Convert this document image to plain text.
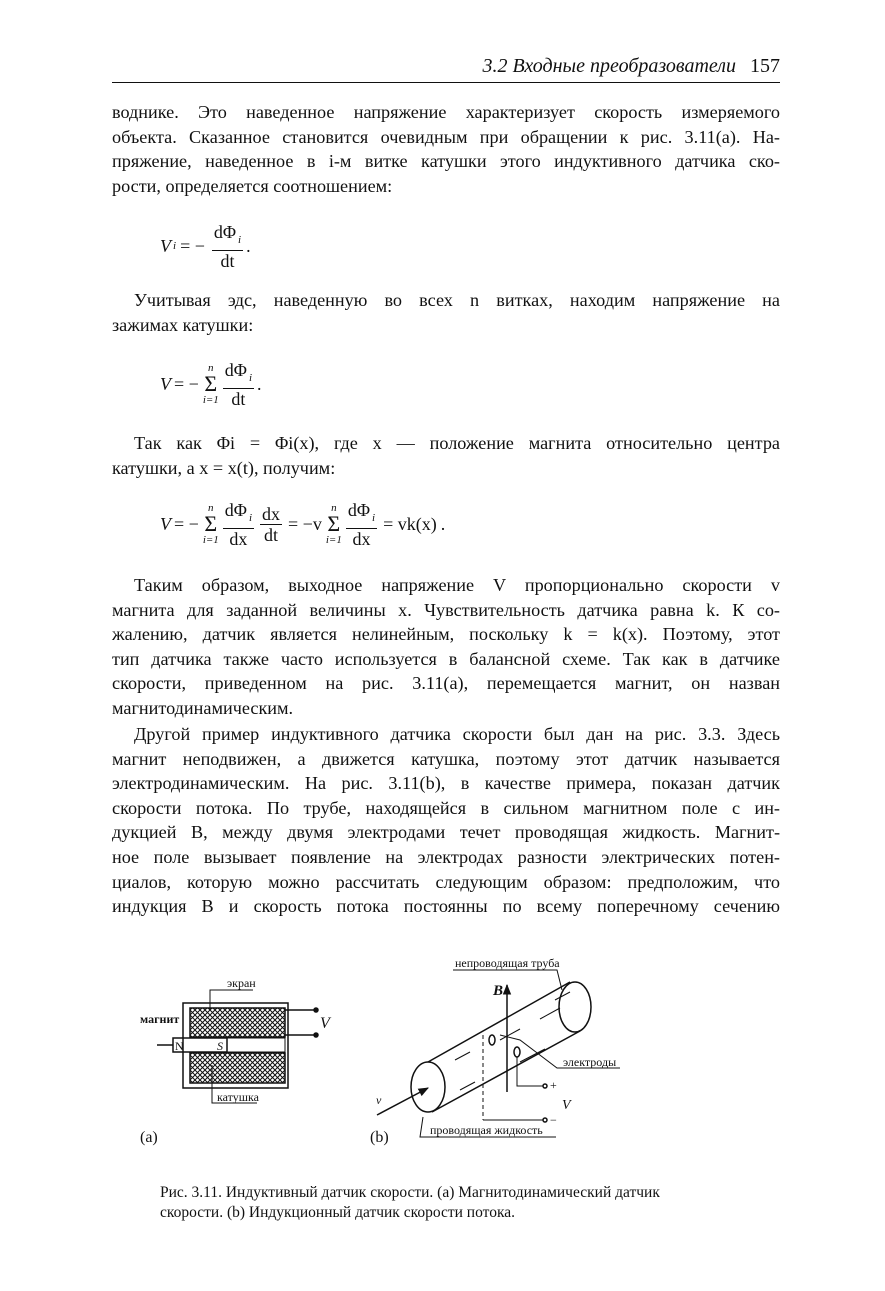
3.2 Входные преобразователи 157
воднике. Это наведенное напряжение характеризует скорость измеряемого
объекта. Сказанное становится очевидным при обращении к рис. 3.11(а). На-
пряжение, наведенное в i-м витке катушки этого индуктивного датчика ско-
рости, определяется соотношением:
V i = − $\frac{d\Phi _i}{dt}$ .
Учитывая эдс, наведенную во всех n витках, находим напряжение на
зажимах катушки:
V = −
n
Σ
$i=1 \frac{d\Phi _i}{dt}$ .
Так как Φi = Φi(x), где x — положение магнита относительно центра
катушки, а x = x(t), получим:
V = −
n
Σ
$i=1 \frac{d\Phi _i}{dx} \frac{dx}{dt} = -v$
n
Σ
$i=1 \frac{d\Phi _i}{dx} = vk(x)$ .
Таким образом, выходное напряжение V пропорционально скорости v
магнита для заданной величины x. Чувствительность датчика равна k. К со-
жалению, датчик является нелинейным, поскольку k = k(x). Поэтому, этот
тип датчика также часто используется в балансной схеме. Так как в датчике
скорости, приведенном на рис. 3.11(а), перемещается магнит, он назван
магнитодинамическим.
Другой пример индуктивного датчика скорости был дан на рис. 3.3. Здесь
магнит неподвижен, а движется катушка, поэтому этот датчик называется
электродинамическим. На рис. 3.11(b), в качестве примера, показан датчик
скорости потока. По трубе, находящейся в сильном магнитном поле с ин-
дукцией B, между двумя электродами течет проводящая жидкость. Магнит-
ное поле вызывает появление на электродах разности электрических потен-
циалов, которую можно рассчитать следующим образом: предположим, что
индукция B и скорость потока постоянны по всему поперечному сечению
экран
магнит
N	S
катушка
V
(a)
непроводящая труба
B
электроды
+
−
V
v
проводящая жидкость
(b)
Рис. 3.11. Индуктивный датчик скорости. (а) Магнитодинамический датчик
скорости. (b) Индукционный датчик скорости потока.
